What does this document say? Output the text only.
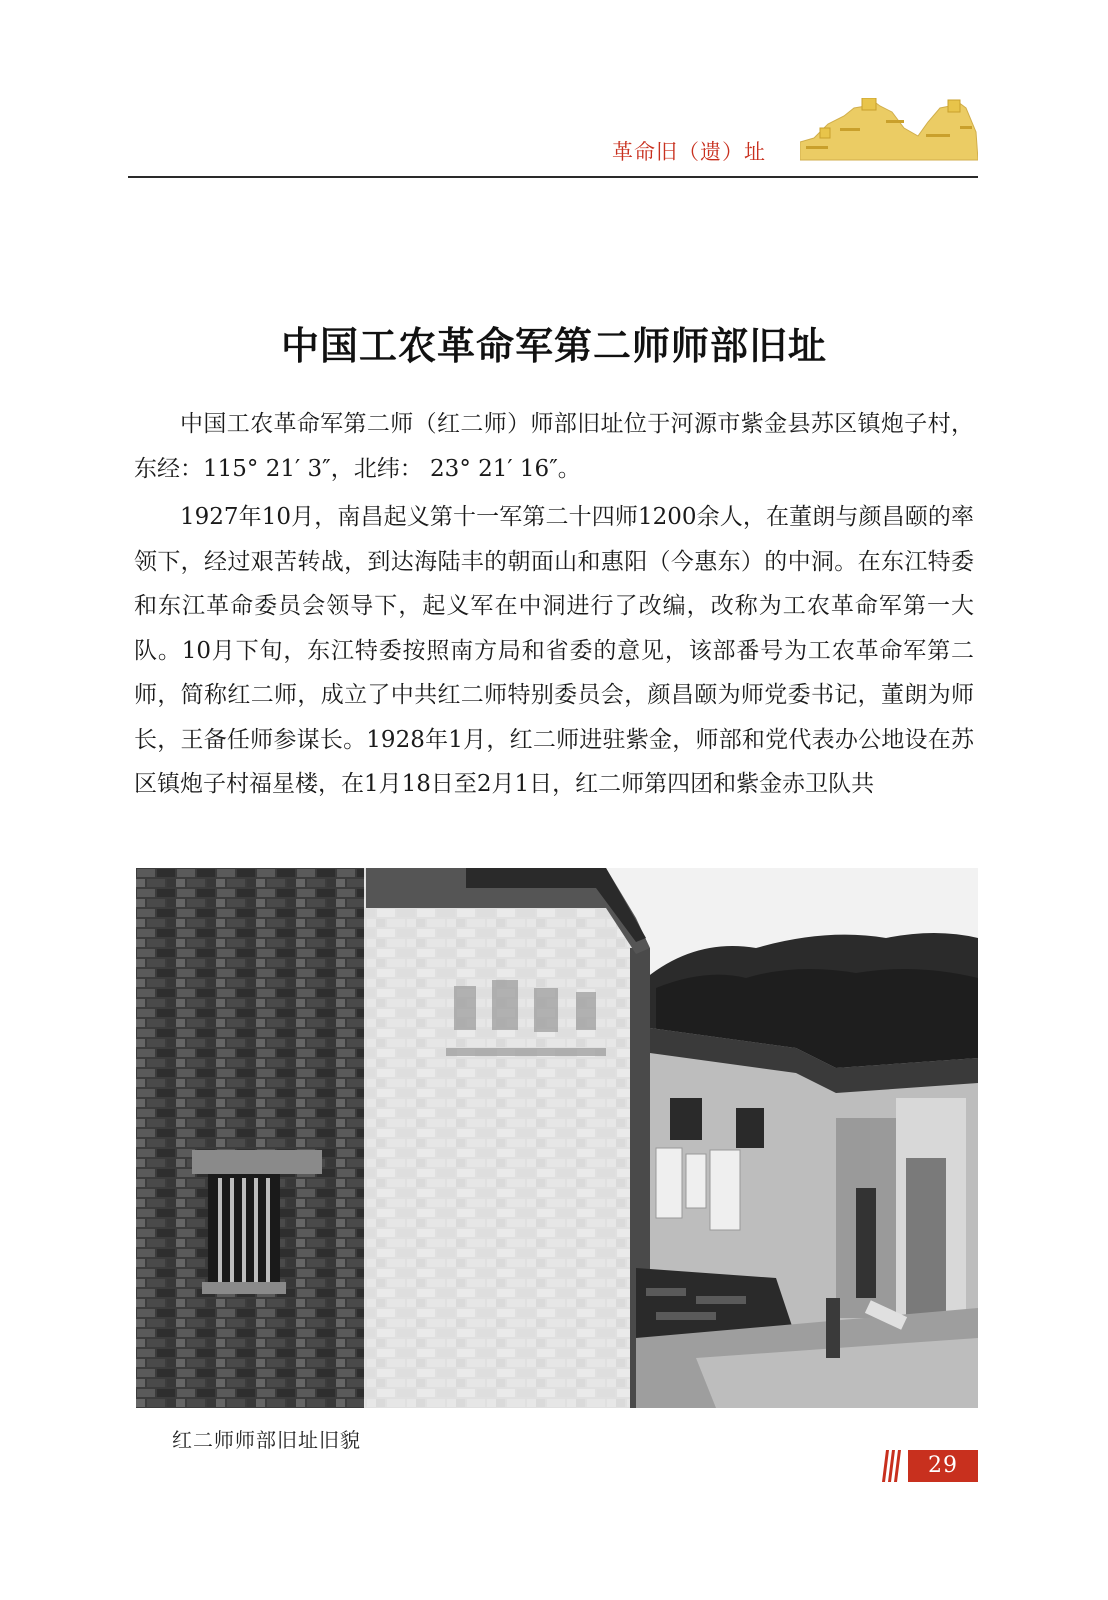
革命旧（遗）址
中国工农革命军第二师师部旧址

中国工农革命军第二师（红二师）师部旧址位于河源市紫金县苏区镇炮子村，东经：115° 21′ 3″，北纬： 23° 21′ 16″。

1927年10月，南昌起义第十一军第二十四师1200余人，在董朗与颜昌颐的率领下，经过艰苦转战，到达海陆丰的朝面山和惠阳（今惠东）的中洞。在东江特委和东江革命委员会领导下，起义军在中洞进行了改编，改称为工农革命军第一大队。10月下旬，东江特委按照南方局和省委的意见，该部番号为工农革命军第二师，简称红二师，成立了中共红二师特别委员会，颜昌颐为师党委书记，董朗为师长，王备任师参谋长。1928年1月，红二师进驻紫金，师部和党代表办公地设在苏区镇炮子村福星楼，在1月18日至2月1日，红二师第四团和紫金赤卫队共

红二师师部旧址旧貌
29
